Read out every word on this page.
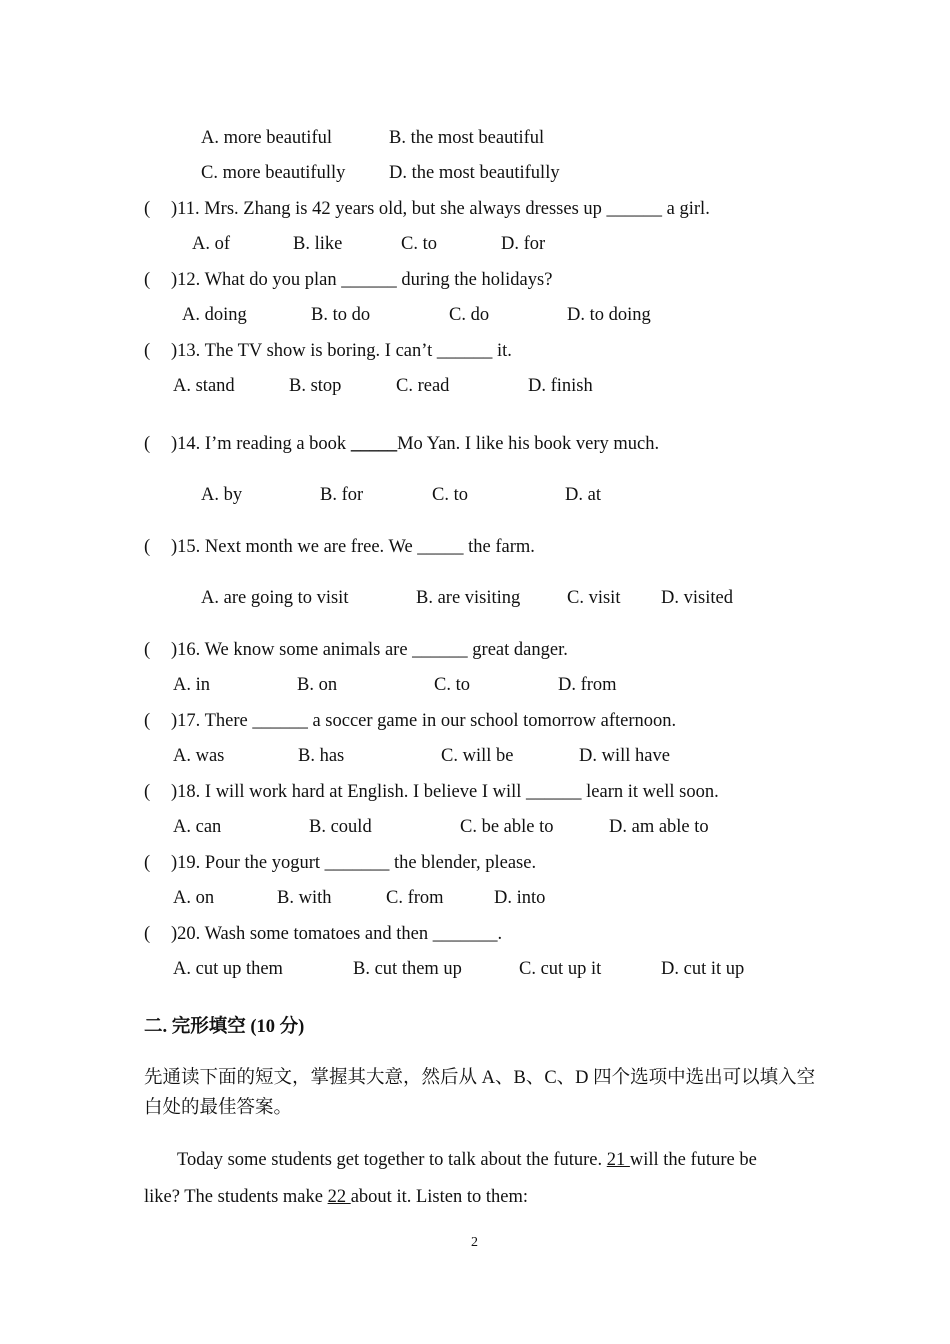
A. more beautiful	B. the most beautiful
C. more beautifully D. the most beautifully
( )11. Mrs. Zhang is 42 years old, but she always dresses up ______ a girl.
A. of	B. like	C. to	D. for
( )12. What do you plan ______ during the holidays?
A. doing	B. to do	C. do	D. to doing
( )13. The TV show is boring. I can’t ______ it.
A. stand	B. stop	C. read	D. finish
( )14. I’m reading a book _____Mo Yan. I like his book very much.
A. by	B. for	C. to	D. at
( )15. Next month we are free. We _____ the farm.
A. are going to visit	B. are visiting	C. visit D. visited
( )16. We know some animals are ______ great danger.
A. in	B. on	C. to	D. from
( )17. There ______ a soccer game in our school tomorrow afternoon.
A. was	B. has	C. will be	D. will have
( )18. I will work hard at English. I believe I will ______ learn it well soon.
A. can	B. could	C. be able to	D. am able to
( )19. Pour the yogurt _______ the blender, please.
A. on	B. with	C. from	D. into
( )20. Wash some tomatoes and then _______.
A. cut up them	B. cut them up	C. cut up it	D. cut it up
二. 完形填空 (10 分)
先通读下面的短文，掌握其大意，然后从 A、B、C、D 四个选项中选出可以填入空
白处的最佳答案。
Today some students get together to talk about the future. 21 will the future be
like? The students make 22 about it. Listen to them:
2
